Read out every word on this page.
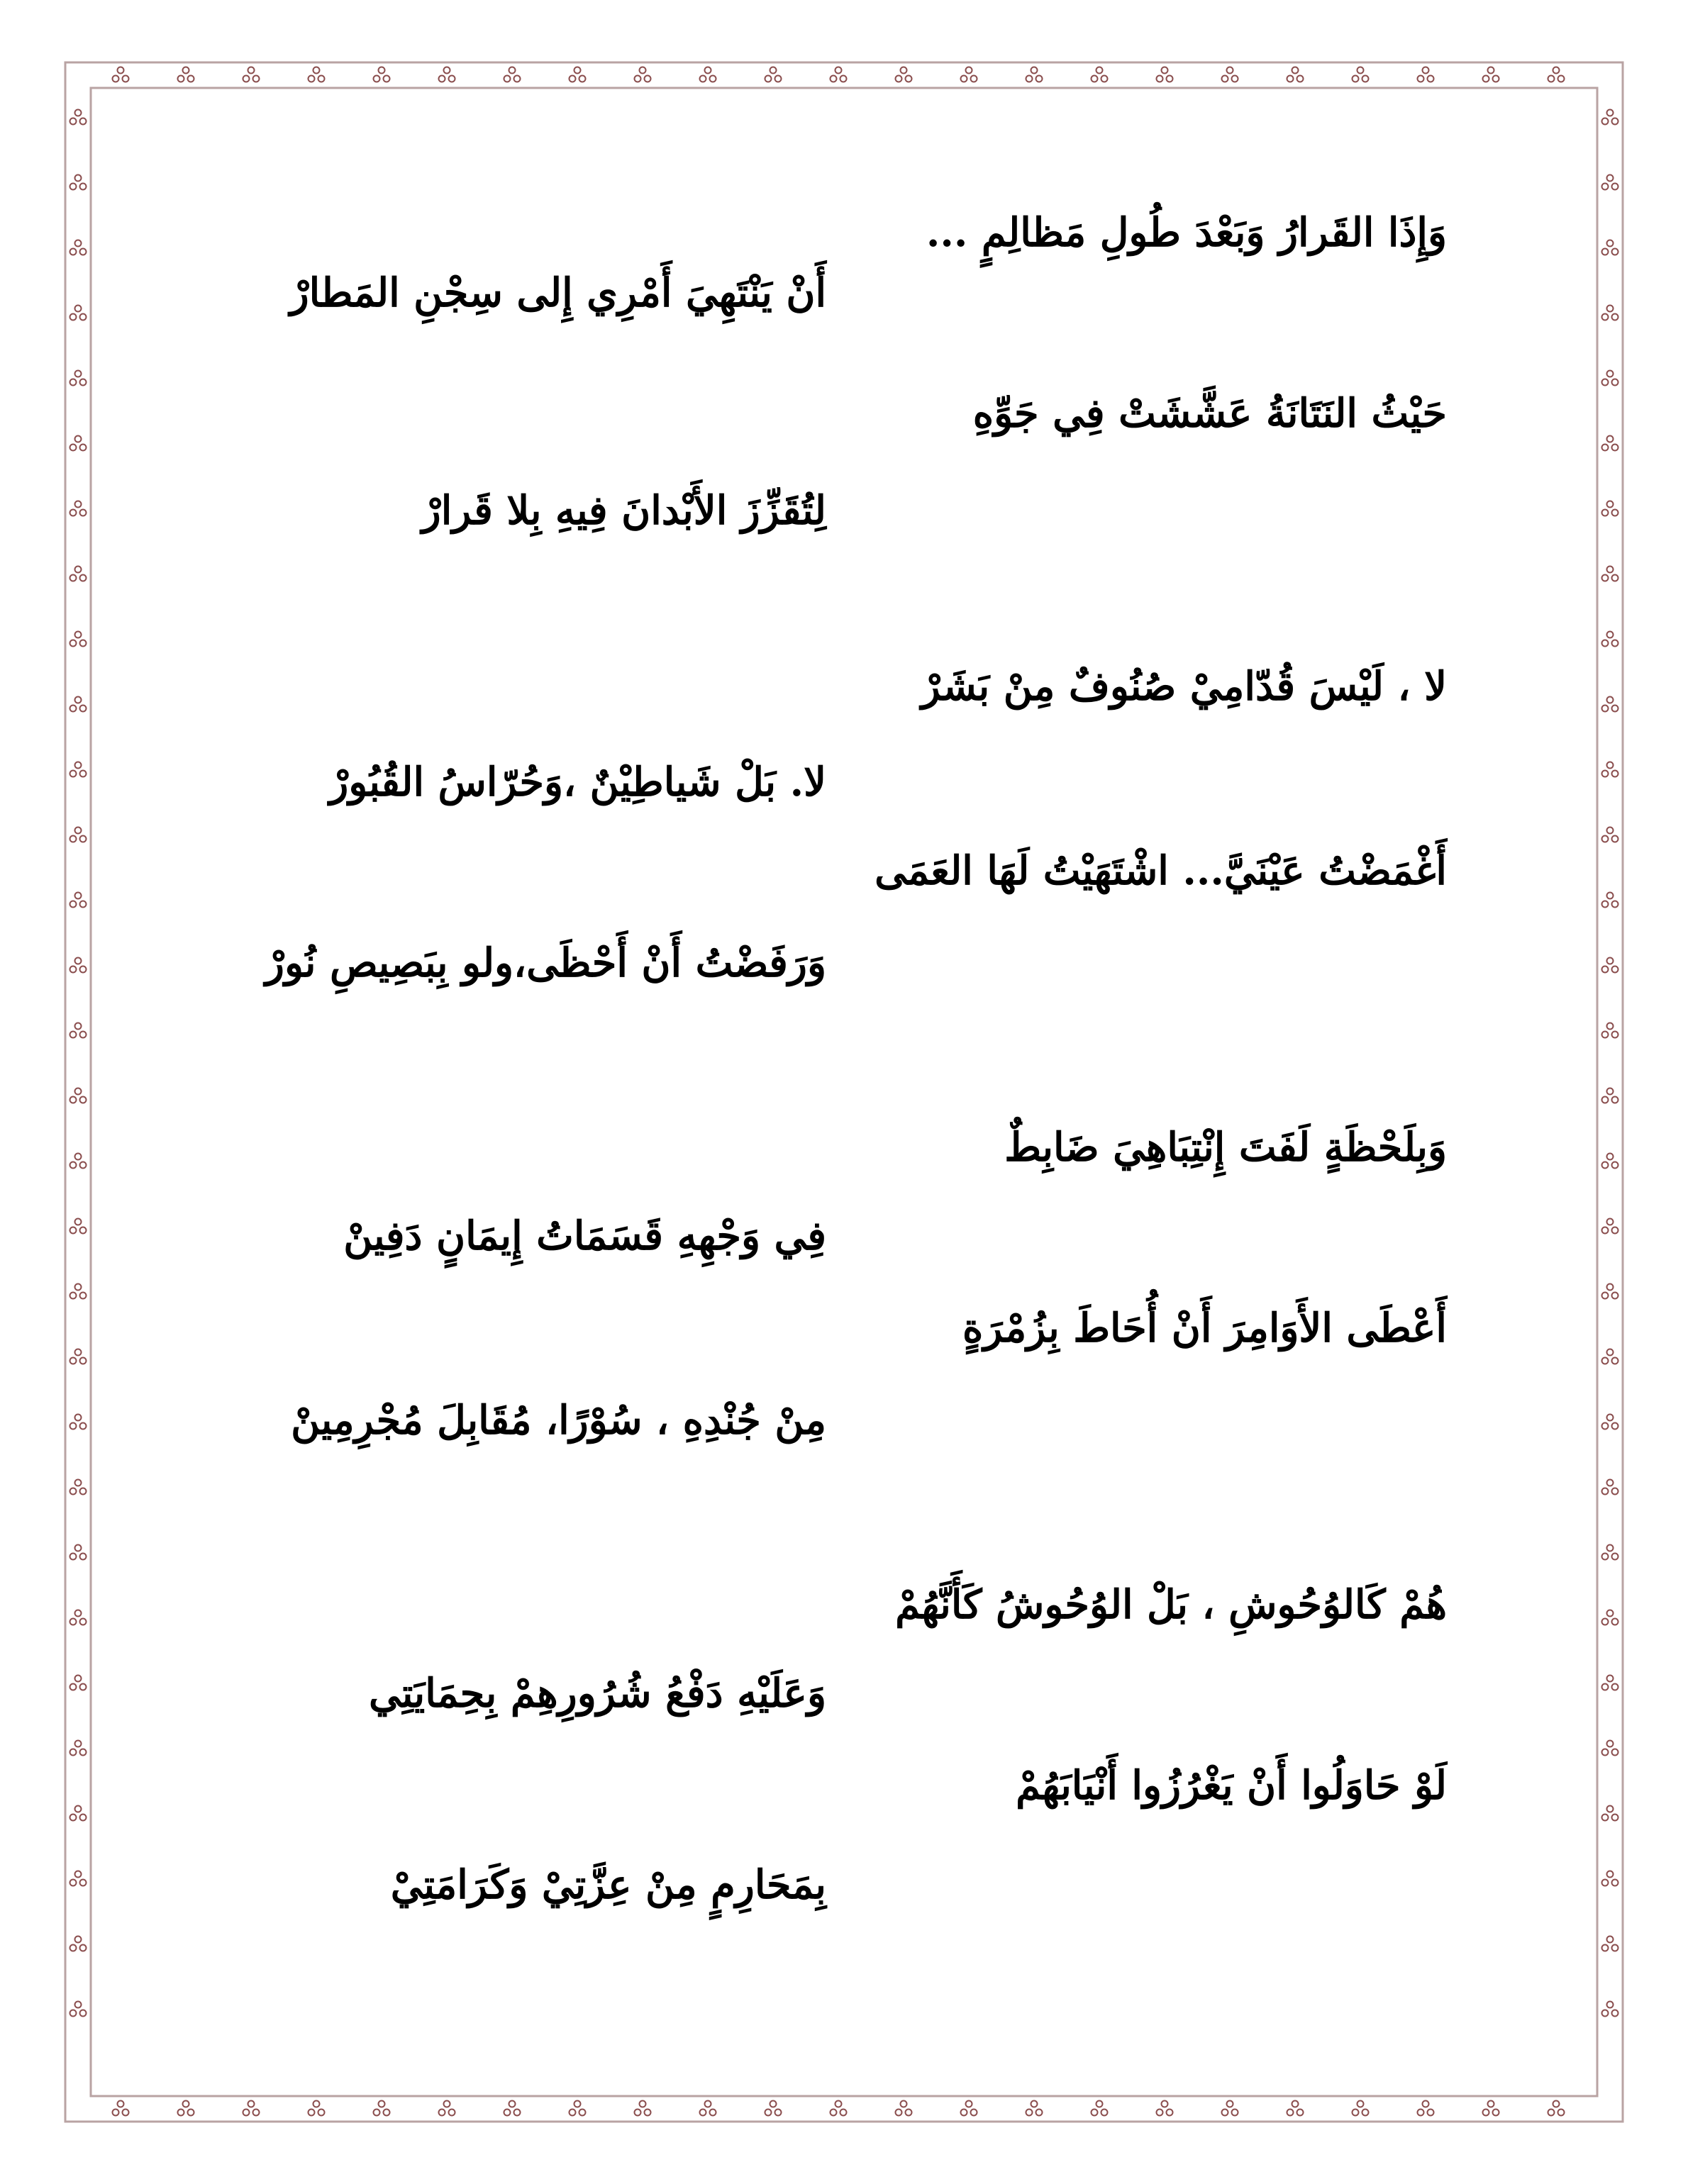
وَإِذَا القَرارُ وَبَعْدَ طُولِ مَظالِمٍ ...
أَنْ يَنْتَهِيَ أَمْرِي إِلى سِجْنِ المَطارْ
حَيْثُ النَتَانَةُ عَشَّشَتْ فِي جَوِّهِ
لِتُقَزِّزَ الأَبْدانَ فِيهِ بِلا قَرارْ
لا ، لَيْسَ قُدّامِيْ صُنُوفٌ مِنْ بَشَرْ
لا. بَلْ شَياطِيْنٌ ،وَحُرّاسُ القُبُورْ
أَغْمَضْتُ عَيْنَيَّ... اشْتَهَيْتُ لَهَا العَمَى
وَرَفَضْتُ أَنْ أَحْظَى،ولو بِبَصِيصِ نُورْ
وَبِلَحْظَةٍ لَفَتَ إِنْتِبَاهِيَ ضَابِطٌ
فِي وَجْهِهِ قَسَمَاتُ إِيمَانٍ دَفِينْ
أَعْطَى الأَوَامِرَ أَنْ أُحَاطَ بِزُمْرَةٍ
مِنْ جُنْدِهِ ، سُوْرًا، مُقَابِلَ مُجْرِمِينْ
هُمْ كَالوُحُوشِ ، بَلْ الوُحُوشُ كَأَنَّهُمْ
وَعَلَيْهِ دَفْعُ شُرُورِهِمْ بِحِمَايَتِي
لَوْ حَاوَلُوا أَنْ يَغْرُزُوا أَنْيَابَهُمْ
بِمَحَارِمٍ مِنْ عِزَّتِيْ وَكَرَامَتِيْ
